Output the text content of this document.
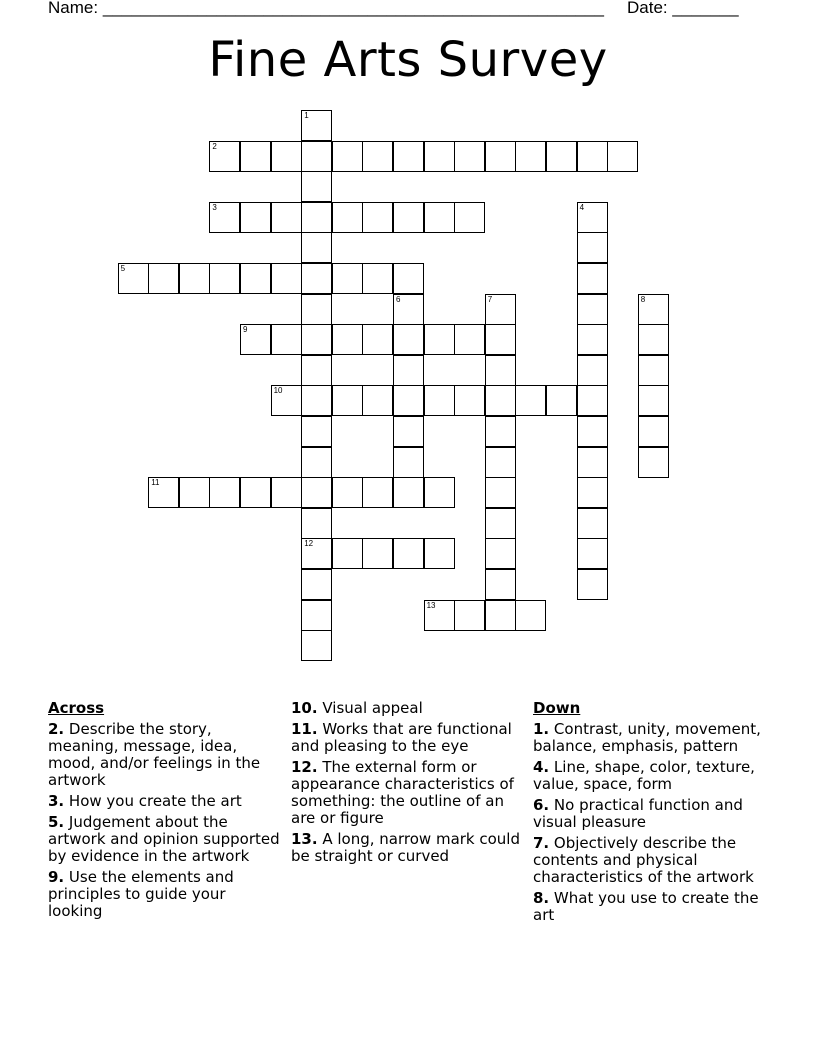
Name: _____________________________________________________ Date: _______
Fine Arts Survey
1
12
2
3	4
5
6	7	8
9
10
11
13
Across
2. Describe the story, meaning, message, idea, mood, and/or feelings in the artwork
3. How you create the art
5. Judgement about the artwork and opinion supported by evidence in the artwork
9. Use the elements and principles to guide your looking
10. Visual appeal
11. Works that are functional and pleasing to the eye
12. The external form or appearance characteristics of something: the outline of an are or figure
13. A long, narrow mark could be straight or curved
Down
1. Contrast, unity, movement, balance, emphasis, pattern
4. Line, shape, color, texture, value, space, form
6. No practical function and visual pleasure
7. Objectively describe the contents and physical characteristics of the artwork
8. What you use to create the art
